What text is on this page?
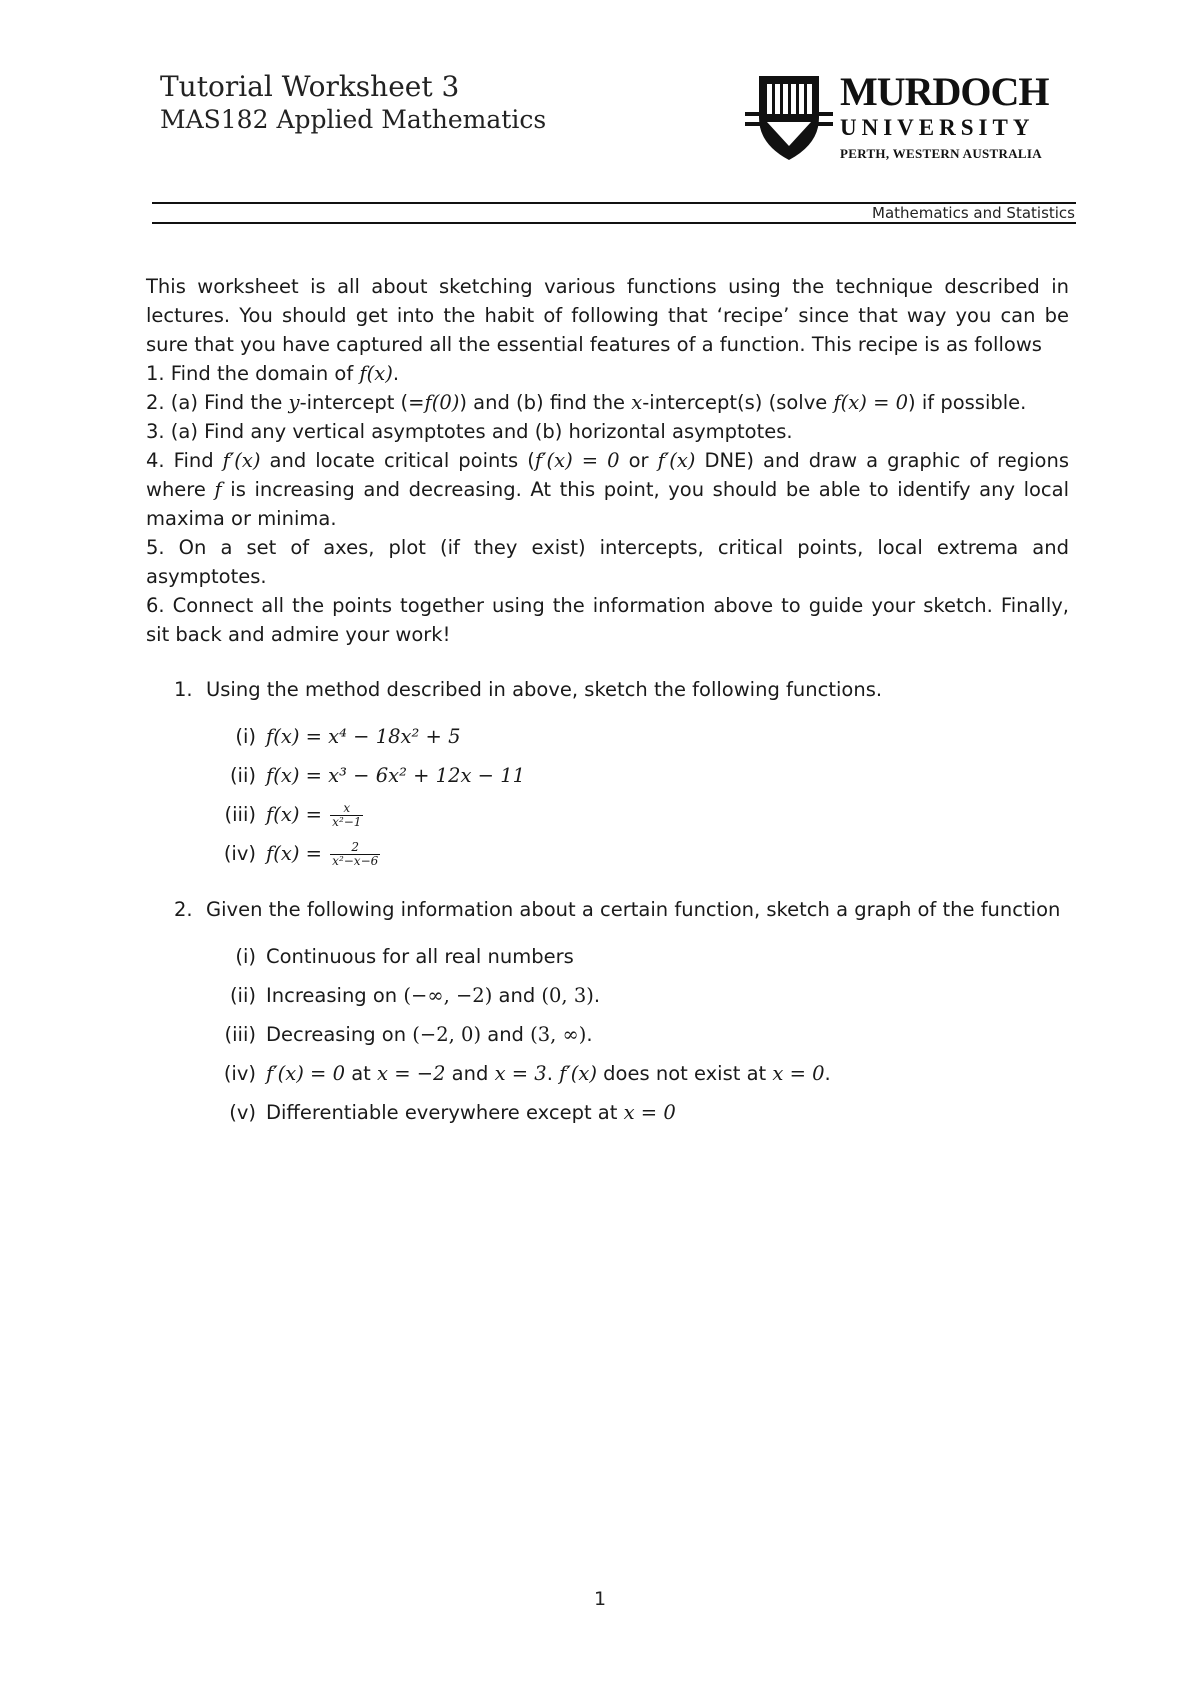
Tutorial Worksheet 3
MAS182 Applied Mathematics
MURDOCH
UNIVERSITY
PERTH, WESTERN AUSTRALIA
Mathematics and Statistics

This worksheet is all about sketching various functions using the technique described in lectures. You should get into the habit of following that ‘recipe’ since that way you can be sure that you have captured all the essential features of a function. This recipe is as follows

1. Find the domain of f(x).

2. (a) Find the y-intercept (=f(0)) and (b) find the x-intercept(s) (solve f(x) = 0) if possible.

3. (a) Find any vertical asymptotes and (b) horizontal asymptotes.

4. Find f′(x) and locate critical points (f′(x) = 0 or f′(x) DNE) and draw a graphic of regions where f is increasing and decreasing. At this point, you should be able to identify any local maxima or minima.

5. On a set of axes, plot (if they exist) intercepts, critical points, local extrema and asymptotes.

6. Connect all the points together using the information above to guide your sketch. Finally, sit back and admire your work!

1. Using the method described in above, sketch the following functions.
(i) f(x) = x⁴ − 18x² + 5
(ii) f(x) = x³ − 6x² + 12x − 11
(iii) $f(x) = \frac{x}{\text{x²−1}}$
(iv) $f(x) = \frac{2}{\text{x²−x−6}}$
2. Given the following information about a certain function, sketch a graph of the function
(i) Continuous for all real numbers
(ii) Increasing on (−∞, −2) and (0, 3).
(iii) Decreasing on (−2, 0) and (3, ∞).
(iv) f′(x) = 0 at x = −2 and x = 3. f′(x) does not exist at x = 0.
(v) Differentiable everywhere except at x = 0
1
